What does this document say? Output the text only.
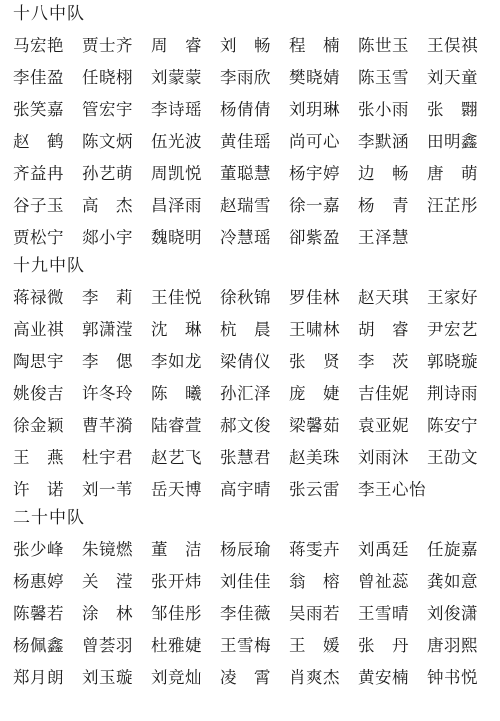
十八中队
马宏艳	贾士齐	周　睿	刘　畅	程　楠	陈世玉	王俣祺
李佳盈	任晓栩	刘蒙蒙	李雨欣	樊晓婧	陈玉雪	刘天童
张笑嘉	管宏宇	李诗瑶	杨倩倩	刘玥琳	张小雨	张　翾
赵　鹤	陈文炳	伍光波	黄佳瑶	尚可心	李默涵	田明鑫
齐益冉	孙艺萌	周凯悦	董聪慧	杨宇婷	边　畅	唐　萌
谷子玉	高　杰	昌泽雨	赵瑞雪	徐一嘉	杨　青	汪芷彤
贾松宁	郯小宇	魏晓明	冷慧瑶	卻紫盈	王泽慧
十九中队
蒋禄微	李　莉	王佳悦	徐秋锦	罗佳林	赵天琪	王家好
高业祺	郭潇滢	沈　琳	杭　晨	王啸林	胡　睿	尹宏艺
陶思宇	李　偲	李如龙	梁倩仪	张　贤	李　茨	郭晓璇
姚俊吉	许冬玲	陈　曦	孙汇泽	庞　婕	吉佳妮	荆诗雨
徐金颖	曹芊漪	陆睿萱	郝文俊	梁馨茹	袁亚妮	陈安宁
王　燕	杜宇君	赵艺飞	张慧君	赵美珠	刘雨沐	王劭文
许　诺	刘一苇	岳天博	高宇晴	张云雷	李王心怡
二十中队
张少峰	朱镜燃	董　洁	杨辰瑜	蒋雯卉	刘禹廷	任旋嘉
杨惠婷	关　滢	张开炜	刘佳佳	翁　榕	曾祉蕊	龚如意
陈馨若	涂　林	邹佳彤	李佳薇	吴雨若	王雪晴	刘俊潇
杨佩鑫	曾荟羽	杜雅婕	王雪梅	王　媛	张　丹	唐羽熙
郑月朗	刘玉璇	刘竞灿	凌　霄	肖爽杰	黄安楠	钟书悦
